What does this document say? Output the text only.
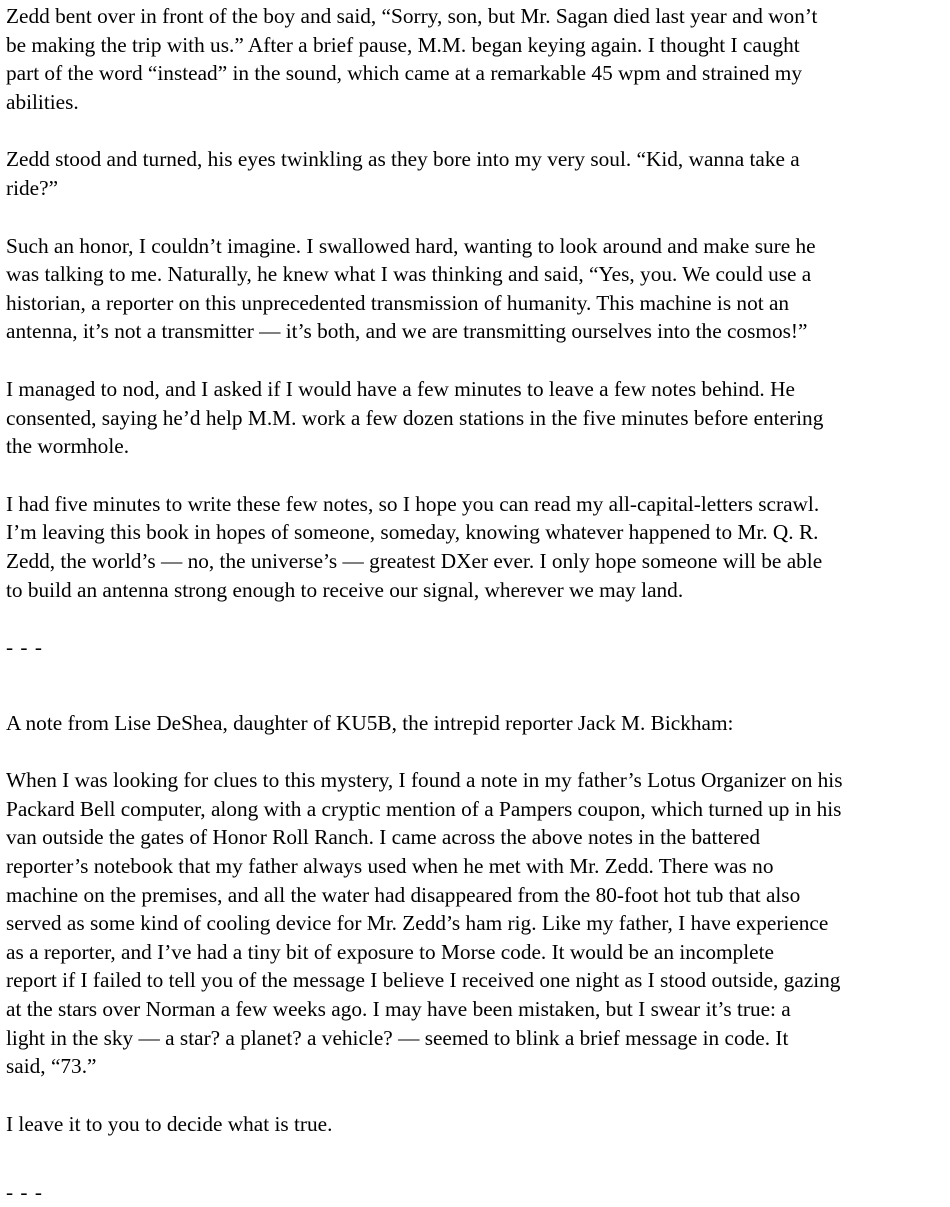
Zedd bent over in front of the boy and said, “Sorry, son, but Mr. Sagan died last year and won’t
be making the trip with us.” After a brief pause, M.M. began keying again. I thought I caught
part of the word “instead” in the sound, which came at a remarkable 45 wpm and strained my
abilities.
Zedd stood and turned, his eyes twinkling as they bore into my very soul. “Kid, wanna take a
ride?”
Such an honor, I couldn’t imagine. I swallowed hard, wanting to look around and make sure he
was talking to me. Naturally, he knew what I was thinking and said, “Yes, you. We could use a
historian, a reporter on this unprecedented transmission of humanity. This machine is not an
antenna, it’s not a transmitter — it’s both, and we are transmitting ourselves into the cosmos!”
I managed to nod, and I asked if I would have a few minutes to leave a few notes behind. He
consented, saying he’d help M.M. work a few dozen stations in the five minutes before entering
the wormhole.
I had five minutes to write these few notes, so I hope you can read my all-capital-letters scrawl.
I’m leaving this book in hopes of someone, someday, knowing whatever happened to Mr. Q. R.
Zedd, the world’s — no, the universe’s — greatest DXer ever. I only hope someone will be able
to build an antenna strong enough to receive our signal, wherever we may land.
- - -
A note from Lise DeShea, daughter of KU5B, the intrepid reporter Jack M. Bickham:
When I was looking for clues to this mystery, I found a note in my father’s Lotus Organizer on his
Packard Bell computer, along with a cryptic mention of a Pampers coupon, which turned up in his
van outside the gates of Honor Roll Ranch. I came across the above notes in the battered
reporter’s notebook that my father always used when he met with Mr. Zedd. There was no
machine on the premises, and all the water had disappeared from the 80-foot hot tub that also
served as some kind of cooling device for Mr. Zedd’s ham rig. Like my father, I have experience
as a reporter, and I’ve had a tiny bit of exposure to Morse code. It would be an incomplete
report if I failed to tell you of the message I believe I received one night as I stood outside, gazing
at the stars over Norman a few weeks ago. I may have been mistaken, but I swear it’s true: a
light in the sky — a star? a planet? a vehicle? — seemed to blink a brief message in code. It
said, “73.”
I leave it to you to decide what is true.
- - -
